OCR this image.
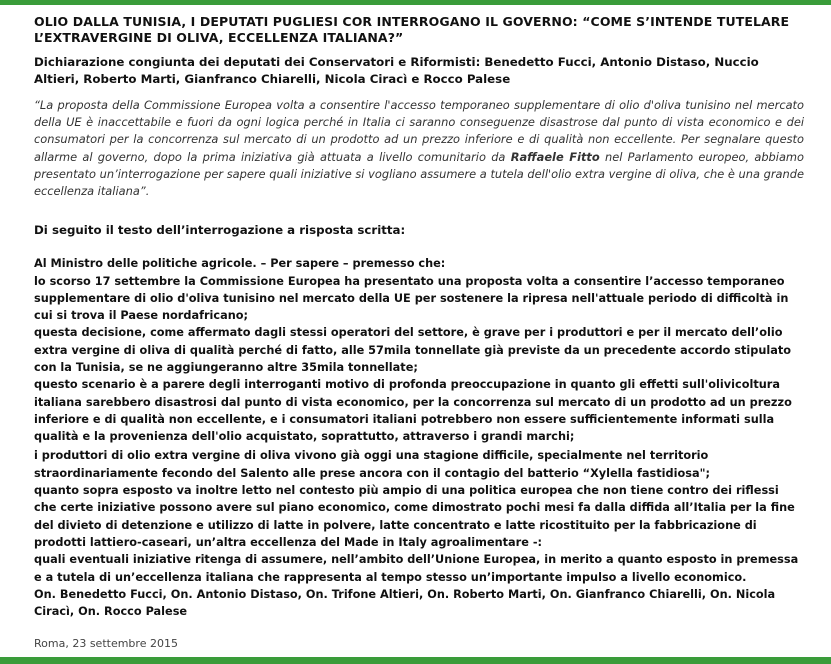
OLIO DALLA TUNISIA, I DEPUTATI PUGLIESI COR INTERROGANO IL GOVERNO: “COME S’INTENDE TUTELARE L’EXTRAVERGINE DI OLIVA, ECCELLENZA ITALIANA?”

Dichiarazione congiunta dei deputati dei Conservatori e Riformisti: Benedetto Fucci, Antonio Distaso, Nuccio Altieri, Roberto Marti, Gianfranco Chiarelli, Nicola Ciracì e Rocco Palese

“La proposta della Commissione Europea volta a consentire l'accesso temporaneo supplementare di olio d'oliva tunisino nel mercato della UE è inaccettabile e fuori da ogni logica perché in Italia ci saranno conseguenze disastrose dal punto di vista economico e dei consumatori per la concorrenza sul mercato di un prodotto ad un prezzo inferiore e di qualità non eccellente. Per segnalare questo allarme al governo, dopo la prima iniziativa già attuata a livello comunitario da Raffaele Fitto nel Parlamento europeo, abbiamo presentato un’interrogazione per sapere quali iniziative si vogliano assumere a tutela dell'olio extra vergine di oliva, che è una grande eccellenza italiana”.

Di seguito il testo dell’interrogazione a risposta scritta:

Al Ministro delle politiche agricole. – Per sapere – premesso che:

lo scorso 17 settembre la Commissione Europea ha presentato una proposta volta a consentire l’accesso temporaneo supplementare di olio d'oliva tunisino nel mercato della UE per sostenere la ripresa nell'attuale periodo di difficoltà in cui si trova il Paese nordafricano;

questa decisione, come affermato dagli stessi operatori del settore, è grave per i produttori e per il mercato dell’olio extra vergine di oliva di qualità perché di fatto, alle 57mila tonnellate già previste da un precedente accordo stipulato con la Tunisia, se ne aggiungeranno altre 35mila tonnellate;

questo scenario è a parere degli interroganti motivo di profonda preoccupazione in quanto gli effetti sull'olivicoltura italiana sarebbero disastrosi dal punto di vista economico, per la concorrenza sul mercato di un prodotto ad un prezzo inferiore e di qualità non eccellente, e i consumatori italiani potrebbero non essere sufficientemente informati sulla qualità e la provenienza dell'olio acquistato, soprattutto, attraverso i grandi marchi;

i produttori di olio extra vergine di oliva vivono già oggi una stagione difficile, specialmente nel territorio straordinariamente fecondo del Salento alle prese ancora con il contagio del batterio “Xylella fastidiosa";

quanto sopra esposto va inoltre letto nel contesto più ampio di una politica europea che non tiene contro dei riflessi che certe iniziative possono avere sul piano economico, come dimostrato pochi mesi fa dalla diffida all’Italia per la fine del divieto di detenzione e utilizzo di latte in polvere, latte concentrato e latte ricostituito per la fabbricazione di prodotti lattiero-caseari, un’altra eccellenza del Made in Italy agroalimentare -:

quali eventuali iniziative ritenga di assumere, nell’ambito dell’Unione Europea, in merito a quanto esposto in premessa e a tutela di un’eccellenza italiana che rappresenta al tempo stesso un’importante impulso a livello economico.

On. Benedetto Fucci, On. Antonio Distaso, On. Trifone Altieri, On. Roberto Marti, On. Gianfranco Chiarelli, On. Nicola Ciracì, On. Rocco Palese

Roma, 23 settembre 2015
